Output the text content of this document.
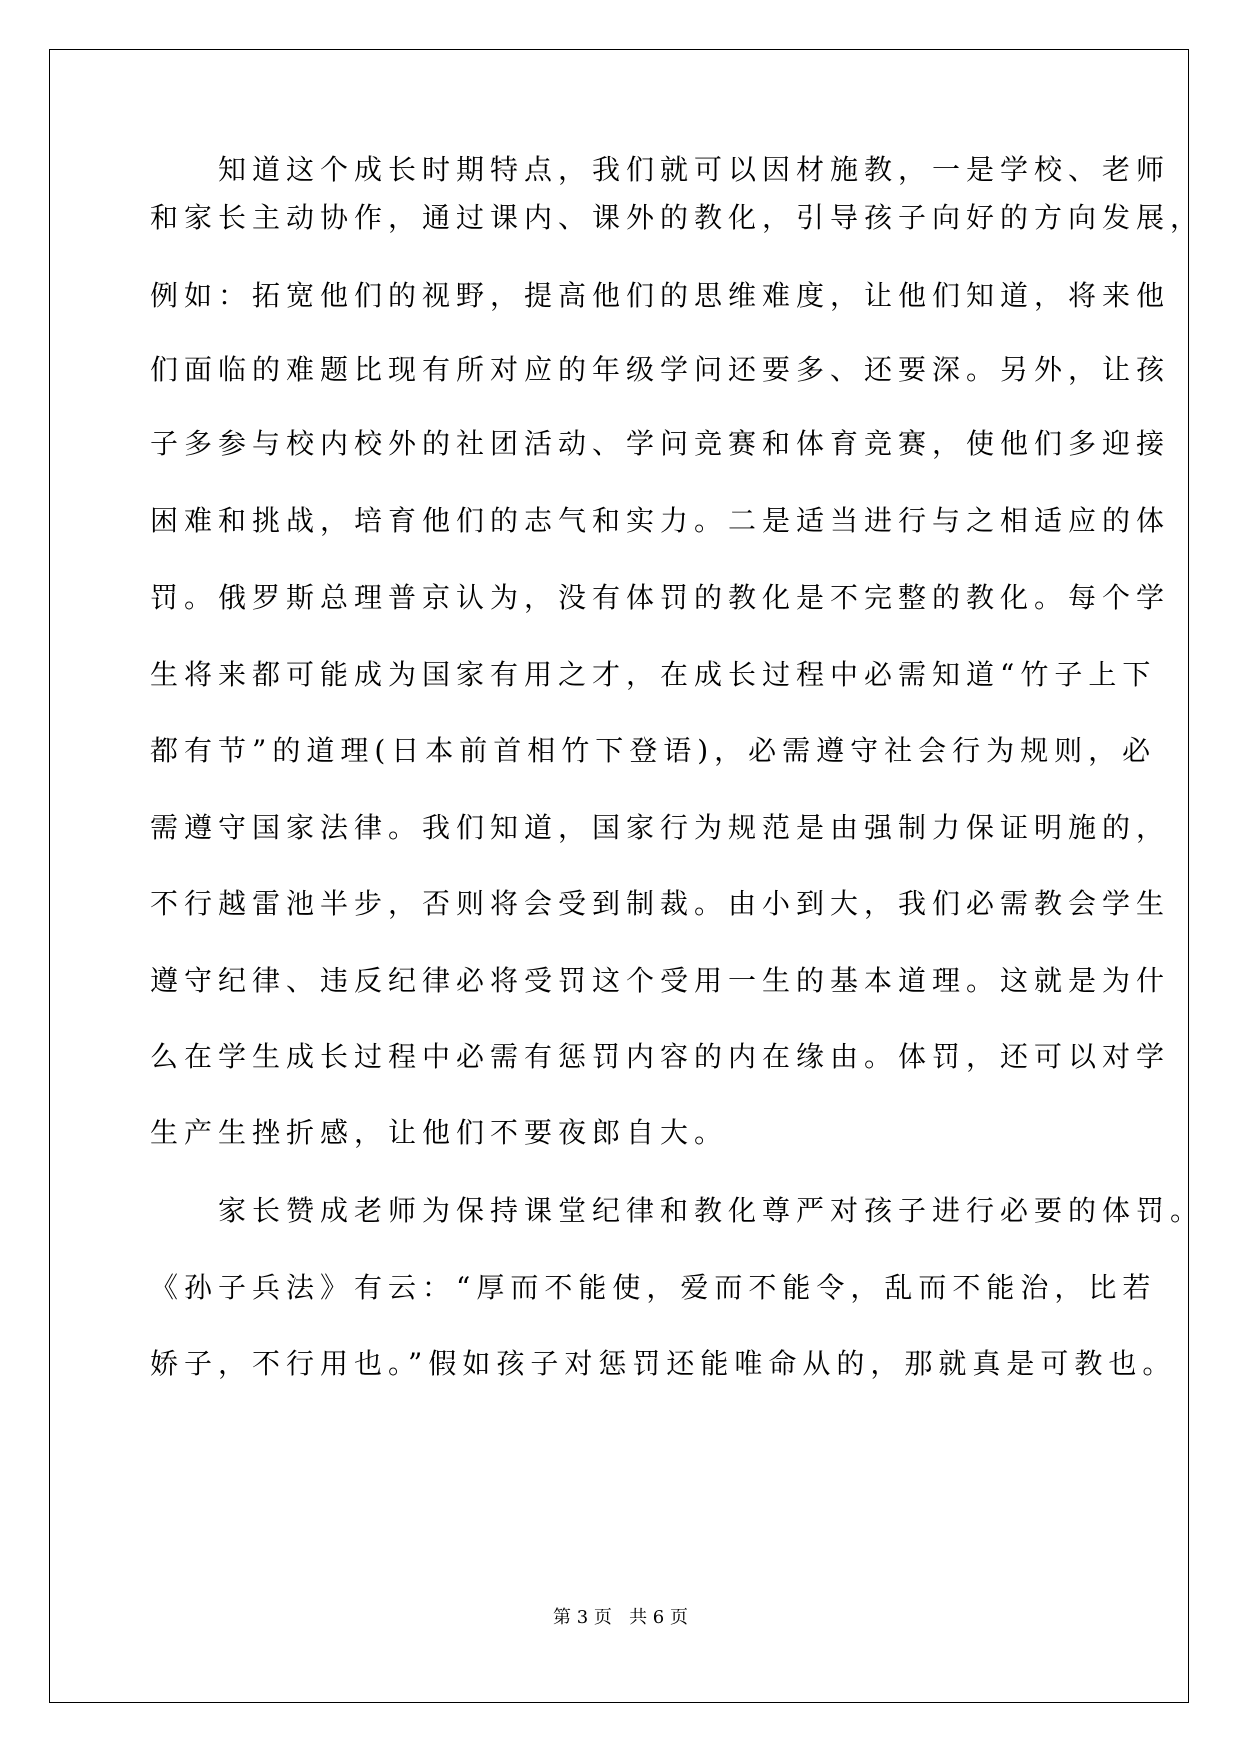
　　知道这个成长时期特点，我们就可以因材施教，一是学校、老师
和家长主动协作，通过课内、课外的教化，引导孩子向好的方向发展，
例如：拓宽他们的视野，提高他们的思维难度，让他们知道，将来他
们面临的难题比现有所对应的年级学问还要多、还要深。另外，让孩
子多参与校内校外的社团活动、学问竞赛和体育竞赛，使他们多迎接
困难和挑战，培育他们的志气和实力。二是适当进行与之相适应的体
罚。俄罗斯总理普京认为，没有体罚的教化是不完整的教化。每个学
生将来都可能成为国家有用之才，在成长过程中必需知道“竹子上下
都有节”的道理(日本前首相竹下登语)，必需遵守社会行为规则，必
需遵守国家法律。我们知道，国家行为规范是由强制力保证明施的，
不行越雷池半步，否则将会受到制裁。由小到大，我们必需教会学生
遵守纪律、违反纪律必将受罚这个受用一生的基本道理。这就是为什
么在学生成长过程中必需有惩罚内容的内在缘由。体罚，还可以对学
生产生挫折感，让他们不要夜郎自大。
　　家长赞成老师为保持课堂纪律和教化尊严对孩子进行必要的体罚。
《孙子兵法》有云：“厚而不能使，爱而不能令，乱而不能治，比若
娇子，不行用也。”假如孩子对惩罚还能唯命从的，那就真是可教也。
第 3 页   共 6 页
